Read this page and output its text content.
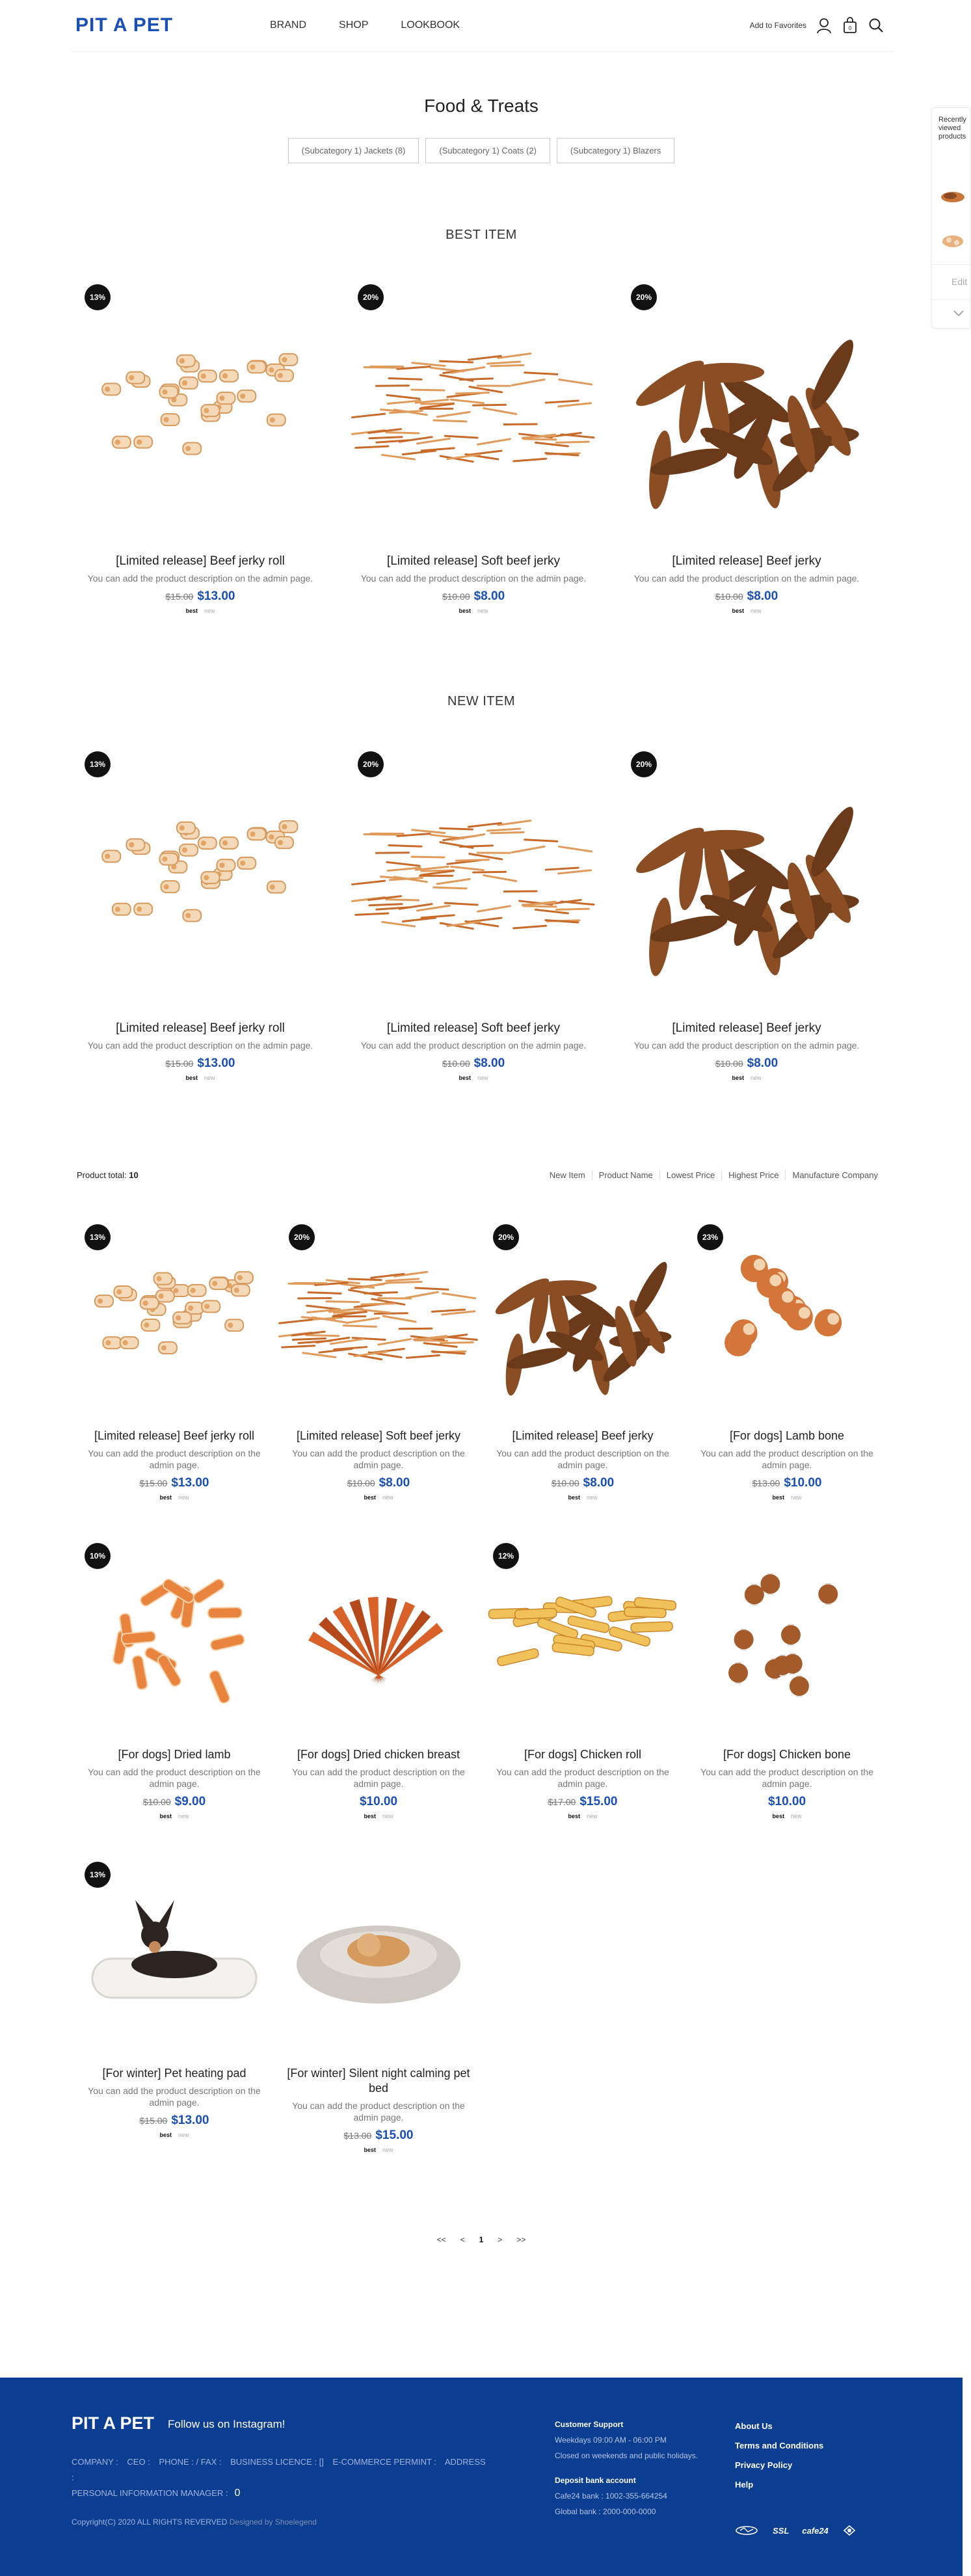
PIT A PET	BRAND	SHOP	LOOKBOOK	Add to Favorites	0
Recently viewed products
Edit
Food & Treats
(Subcategory 1) Jackets (8)	(Subcategory 1) Coats (2)	(Subcategory 1) Blazers
BEST ITEM
13%
[Limited release] Beef jerky roll
You can add the product description on the admin page.
$15.00 $13.00
best new
20%
[Limited release] Soft beef jerky
You can add the product description on the admin page.
$10.00 $8.00
best new
20%
[Limited release] Beef jerky
You can add the product description on the admin page.
$10.00 $8.00
best new
NEW ITEM
13%
[Limited release] Beef jerky roll
You can add the product description on the admin page.
$15.00 $13.00
best new
20%
[Limited release] Soft beef jerky
You can add the product description on the admin page.
$10.00 $8.00
best new
20%
[Limited release] Beef jerky
You can add the product description on the admin page.
$10.00 $8.00
best new
Product total: 10	New Item	Product Name	Lowest Price	Highest Price	Manufacture Company
13%
[Limited release] Beef jerky roll
You can add the product description on the admin page.
$15.00 $13.00
best new
20%
[Limited release] Soft beef jerky
You can add the product description on the admin page.
$10.00 $8.00
best new
20%
[Limited release] Beef jerky
You can add the product description on the admin page.
$10.00 $8.00
best new
23%
[For dogs] Lamb bone
You can add the product description on the admin page.
$13.00 $10.00
best new
10%
[For dogs] Dried lamb
You can add the product description on the admin page.
$10.00 $9.00
best new
[For dogs] Dried chicken breast
You can add the product description on the admin page.
$10.00
best new
12%
[For dogs] Chicken roll
You can add the product description on the admin page.
$17.00 $15.00
best new
[For dogs] Chicken bone
You can add the product description on the admin page.
$10.00
best new
13%
[For winter] Pet heating pad
You can add the product description on the admin page.
$15.00 $13.00
best new
[For winter] Silent night calming pet bed
You can add the product description on the admin page.
$13.00 $15.00
best new
<< < 1 > >>
PIT A PET Follow us on Instagram!
COMPANY : CEO : PHONE : / FAX : BUSINESS LICENCE : [] E-COMMERCE PERMINT : ADDRESS :
PERSONAL INFORMATION MANAGER : 0
Copyright(C) 2020 ALL RIGHTS REVERVED Designed by Shoelegend
Customer Support
Weekdays 09:00 AM - 06:00 PM
Closed on weekends and public holidays.
Deposit bank account
Cafe24 bank : 1002-355-664254
Global bank : 2000-000-0000
About Us
Terms and Conditions
Privacy Policy
Help
SSL cafe24
